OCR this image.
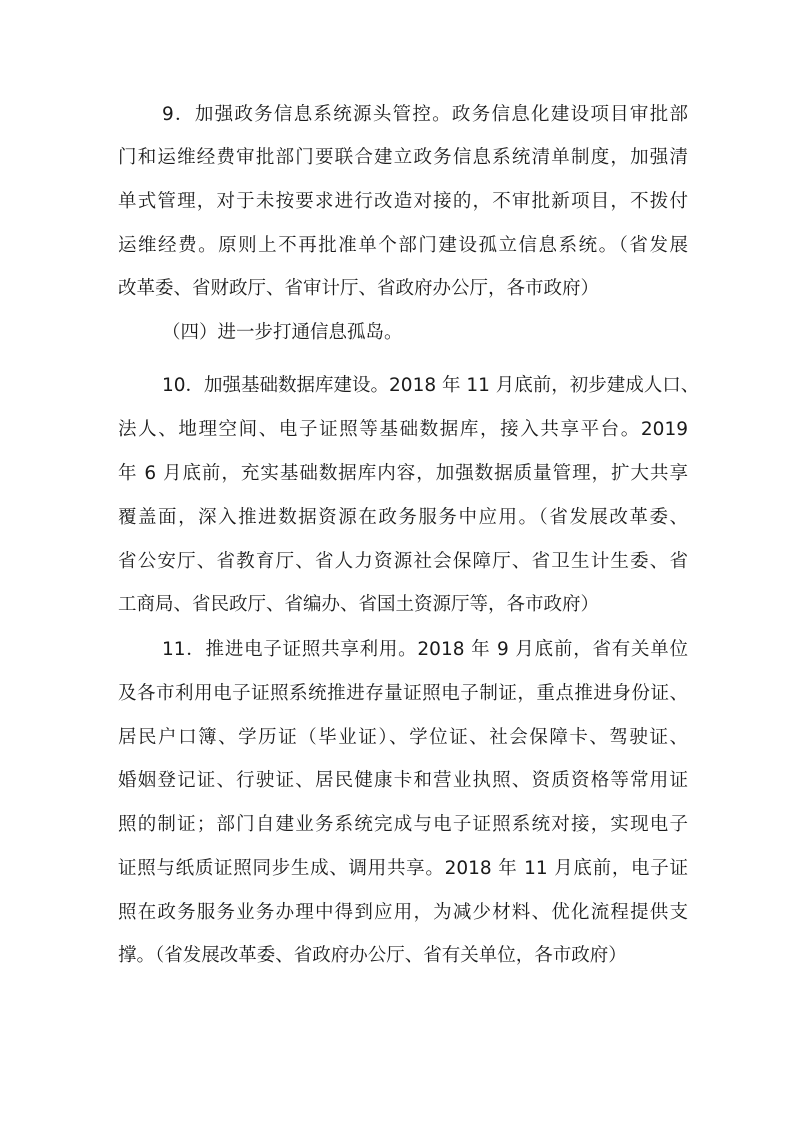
9．加强政务信息系统源头管控。政务信息化建设项目审批部
门和运维经费审批部门要联合建立政务信息系统清单制度，加强清
单式管理，对于未按要求进行改造对接的，不审批新项目，不拨付
运维经费。原则上不再批准单个部门建设孤立信息系统。（省发展
改革委、省财政厅、省审计厅、省政府办公厅，各市政府）
（四）进一步打通信息孤岛。
10．加强基础数据库建设。2018 年 11 月底前，初步建成人口、
法人、地理空间、电子证照等基础数据库，接入共享平台。2019
年 6 月底前，充实基础数据库内容，加强数据质量管理，扩大共享
覆盖面，深入推进数据资源在政务服务中应用。（省发展改革委、
省公安厅、省教育厅、省人力资源社会保障厅、省卫生计生委、省
工商局、省民政厅、省编办、省国土资源厅等，各市政府）
11．推进电子证照共享利用。2018 年 9 月底前，省有关单位
及各市利用电子证照系统推进存量证照电子制证，重点推进身份证、
居民户口簿、学历证（毕业证）、学位证、社会保障卡、驾驶证、
婚姻登记证、行驶证、居民健康卡和营业执照、资质资格等常用证
照的制证；部门自建业务系统完成与电子证照系统对接，实现电子
证照与纸质证照同步生成、调用共享。2018 年 11 月底前，电子证
照在政务服务业务办理中得到应用，为减少材料、优化流程提供支
撑。（省发展改革委、省政府办公厅、省有关单位，各市政府）
